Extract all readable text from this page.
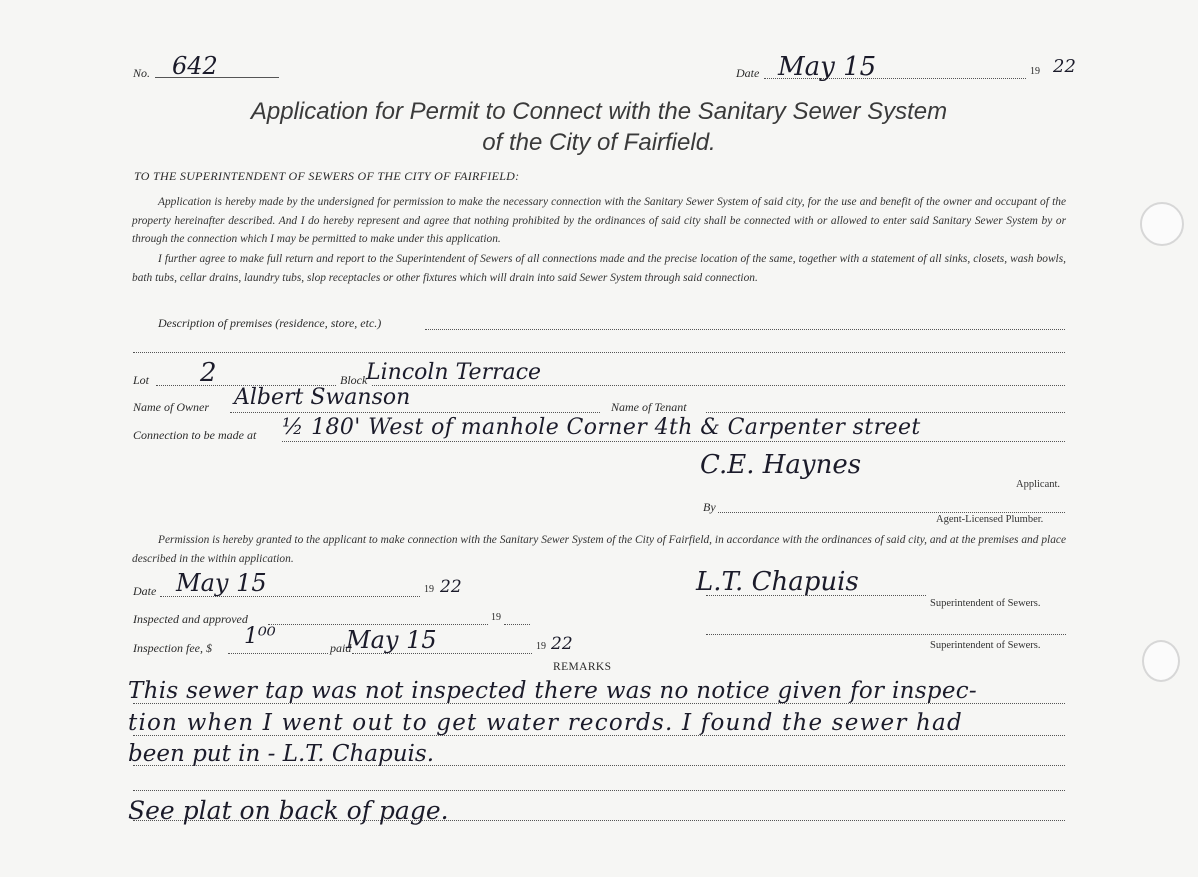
No. 642	Date May 15	19 22
Application for Permit to Connect with the Sanitary Sewer System
of the City of Fairfield.
TO THE SUPERINTENDENT OF SEWERS OF THE CITY OF FAIRFIELD:
Application is hereby made by the undersigned for permission to make the necessary connection with the Sanitary Sewer System of said city, for the use and benefit of the owner and occupant of the property hereinafter described. And I do hereby represent and agree that nothing prohibited by the ordinances of said city shall be connected with or allowed to enter said Sanitary Sewer System by or through the connection which I may be permitted to make under this application.
I further agree to make full return and report to the Superintendent of Sewers of all connections made and the precise location of the same, together with a statement of all sinks, closets, wash bowls, bath tubs, cellar drains, laundry tubs, slop receptacles or other fixtures which will drain into said Sewer System through said connection.
Description of premises (residence, store, etc.)
Lot 2	Block
Lincoln Terrace
Name of Owner Albert Swanson	Name of Tenant
Connection to be made at ½ 180' West of manhole Corner 4th & Carpenter street
C.E. Haynes
Applicant.
By
Agent-Licensed Plumber.
Permission is hereby granted to the applicant to make connection with the Sanitary Sewer System of the City of Fairfield, in accordance with the ordinances of said city, and at the premises and place described in the within application.
Date May 15	19 22	L.T. Chapuis
Superintendent of Sewers.
Inspected and approved	19
Inspection fee, $ 1⁰⁰	paid
May 15	19 22	Superintendent of Sewers.
REMARKS
This sewer tap was not inspected there was no notice given for inspec-
tion when I went out to get water records. I found the sewer had
been put in - L.T. Chapuis.
See plat on back of page.
